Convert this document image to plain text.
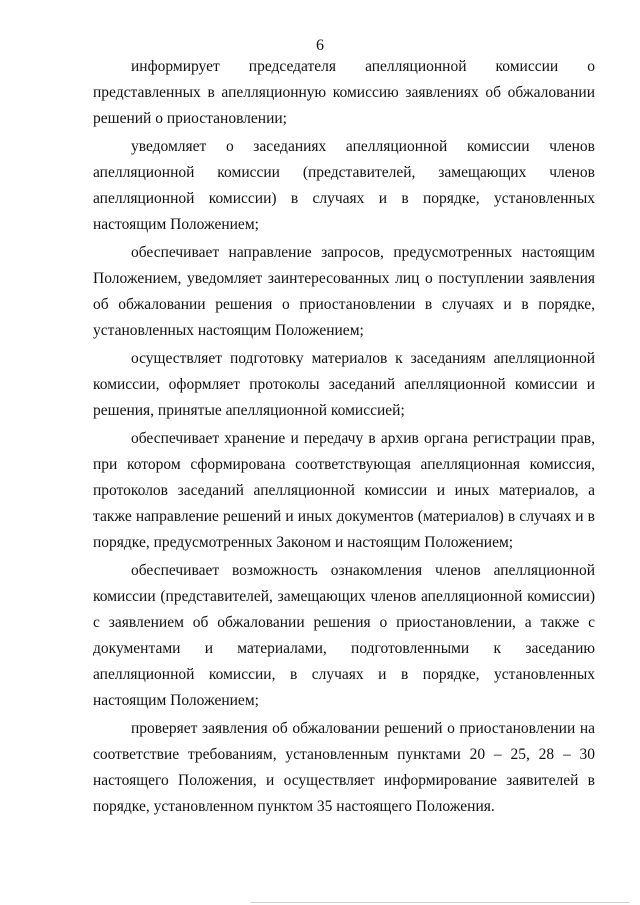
6

информирует председателя апелляционной комиссии о представленных в апелляционную комиссию заявлениях об обжаловании решений о приостановлении;

уведомляет о заседаниях апелляционной комиссии членов апелляционной комиссии (представителей, замещающих членов апелляционной комиссии) в случаях и в порядке, установленных настоящим Положением;

обеспечивает направление запросов, предусмотренных настоящим Положением, уведомляет заинтересованных лиц о поступлении заявления об обжаловании решения о приостановлении в случаях и в порядке, установленных настоящим Положением;

осуществляет подготовку материалов к заседаниям апелляционной комиссии, оформляет протоколы заседаний апелляционной комиссии и решения, принятые апелляционной комиссией;

обеспечивает хранение и передачу в архив органа регистрации прав, при котором сформирована соответствующая апелляционная комиссия, протоколов заседаний апелляционной комиссии и иных материалов, а также направление решений и иных документов (материалов) в случаях и в порядке, предусмотренных Законом и настоящим Положением;

обеспечивает возможность ознакомления членов апелляционной комиссии (представителей, замещающих членов апелляционной комиссии) с заявлением об обжаловании решения о приостановлении, а также с документами и материалами, подготовленными к заседанию апелляционной комиссии, в случаях и в порядке, установленных настоящим Положением;

проверяет заявления об обжаловании решений о приостановлении на соответствие требованиям, установленным пунктами 20 – 25, 28 – 30 настоящего Положения, и осуществляет информирование заявителей в порядке, установленном пунктом 35 настоящего Положения.
